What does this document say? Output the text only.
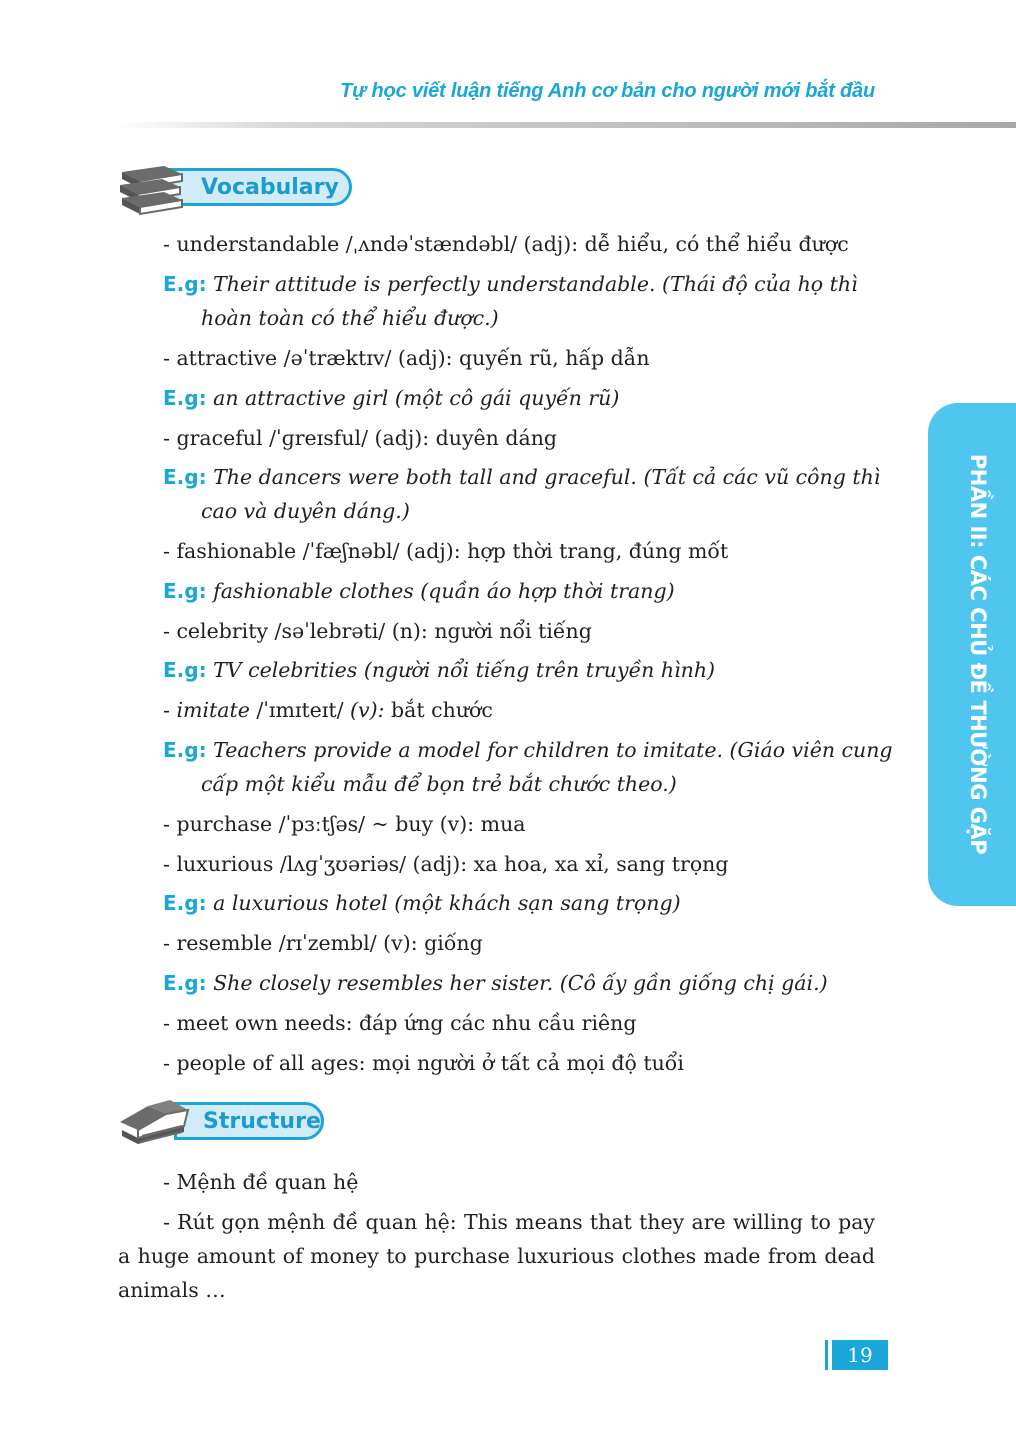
Tự học viết luận tiếng Anh cơ bản cho người mới bắt đầu
Vocabulary
- understandable /ˌʌndəˈstændəbl/ (adj): dễ hiểu, có thể hiểu được
E.g: Their attitude is perfectly understandable. (Thái độ của họ thì hoàn toàn có thể hiểu được.)
- attractive /əˈtræktɪv/ (adj): quyến rũ, hấp dẫn
E.g: an attractive girl (một cô gái quyến rũ)
- graceful /ˈɡreɪsful/ (adj): duyên dáng
E.g: The dancers were both tall and graceful. (Tất cả các vũ công thì cao và duyên dáng.)
- fashionable /ˈfæʃnəbl/ (adj): hợp thời trang, đúng mốt
E.g: fashionable clothes (quần áo hợp thời trang)
- celebrity /səˈlebrəti/ (n): người nổi tiếng
E.g: TV celebrities (người nổi tiếng trên truyền hình)
- imitate /ˈɪmɪteɪt/ (v): bắt chước
E.g: Teachers provide a model for children to imitate. (Giáo viên cung cấp một kiểu mẫu để bọn trẻ bắt chước theo.)
- purchase /ˈpɜːtʃəs/ ~ buy (v): mua
- luxurious /lʌɡˈʒʊəriəs/ (adj): xa hoa, xa xỉ, sang trọng
E.g: a luxurious hotel (một khách sạn sang trọng)
- resemble /rɪˈzembl/ (v): giống
E.g: She closely resembles her sister. (Cô ấy gần giống chị gái.)
- meet own needs: đáp ứng các nhu cầu riêng
- people of all ages: mọi người ở tất cả mọi độ tuổi
Structure
- Mệnh đề quan hệ
- Rút gọn mệnh đề quan hệ: This means that they are willing to pay a huge amount of money to purchase luxurious clothes made from dead animals …
PHẦN II: CÁC CHỦ ĐỀ THƯỜNG GẶP
19
